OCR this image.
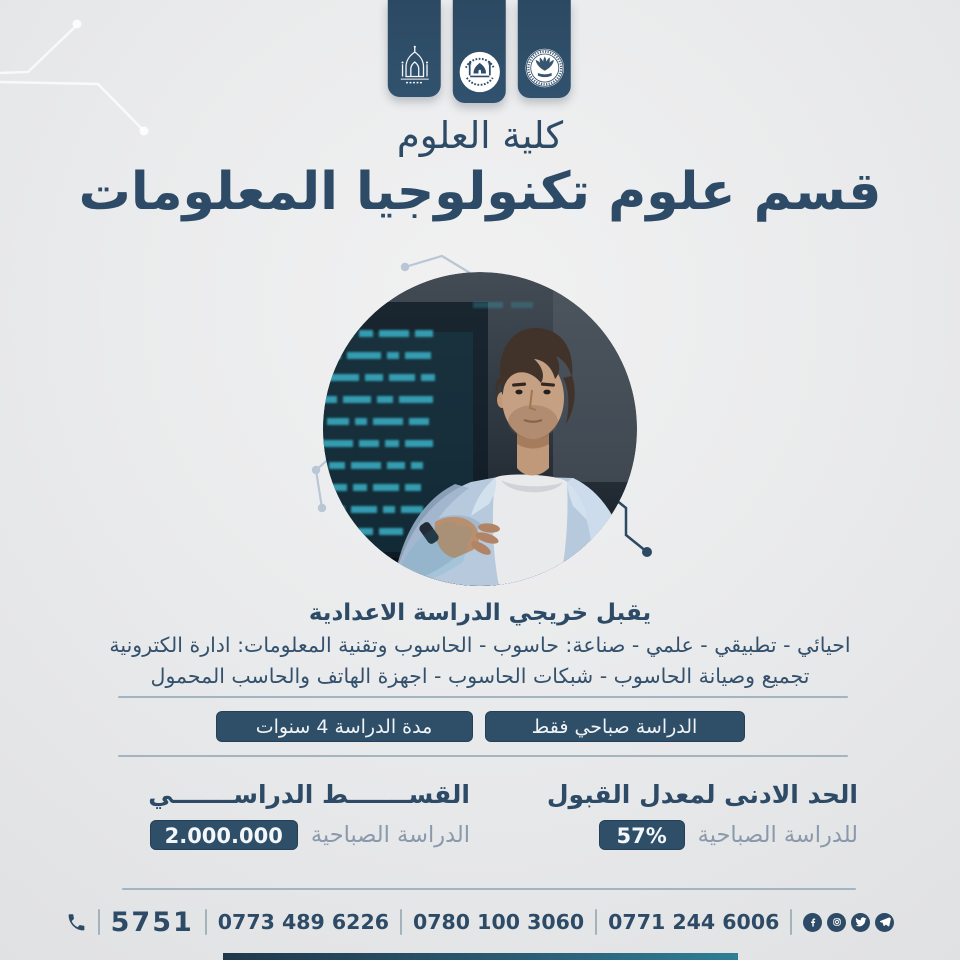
كلية العلوم
قسم علوم تكنولوجيا المعلومات
يقبل خريجي الدراسة الاعدادية
احيائي - تطبيقي - علمي - صناعة: حاسوب - الحاسوب وتقنية المعلومات: ادارة الكترونية
تجميع وصيانة الحاسوب - شبكات الحاسوب - اجهزة الهاتف والحاسب المحمول
الدراسة صباحي فقط
مدة الدراسة 4 سنوات
الحد الادنى لمعدل القبول
للدراسة الصباحية
57%
القســـــــط الدراســـــــي
الدراسة الصباحية
2.000.000
5751 0773 489 6226 0780 100 3060 0771 244 6006
